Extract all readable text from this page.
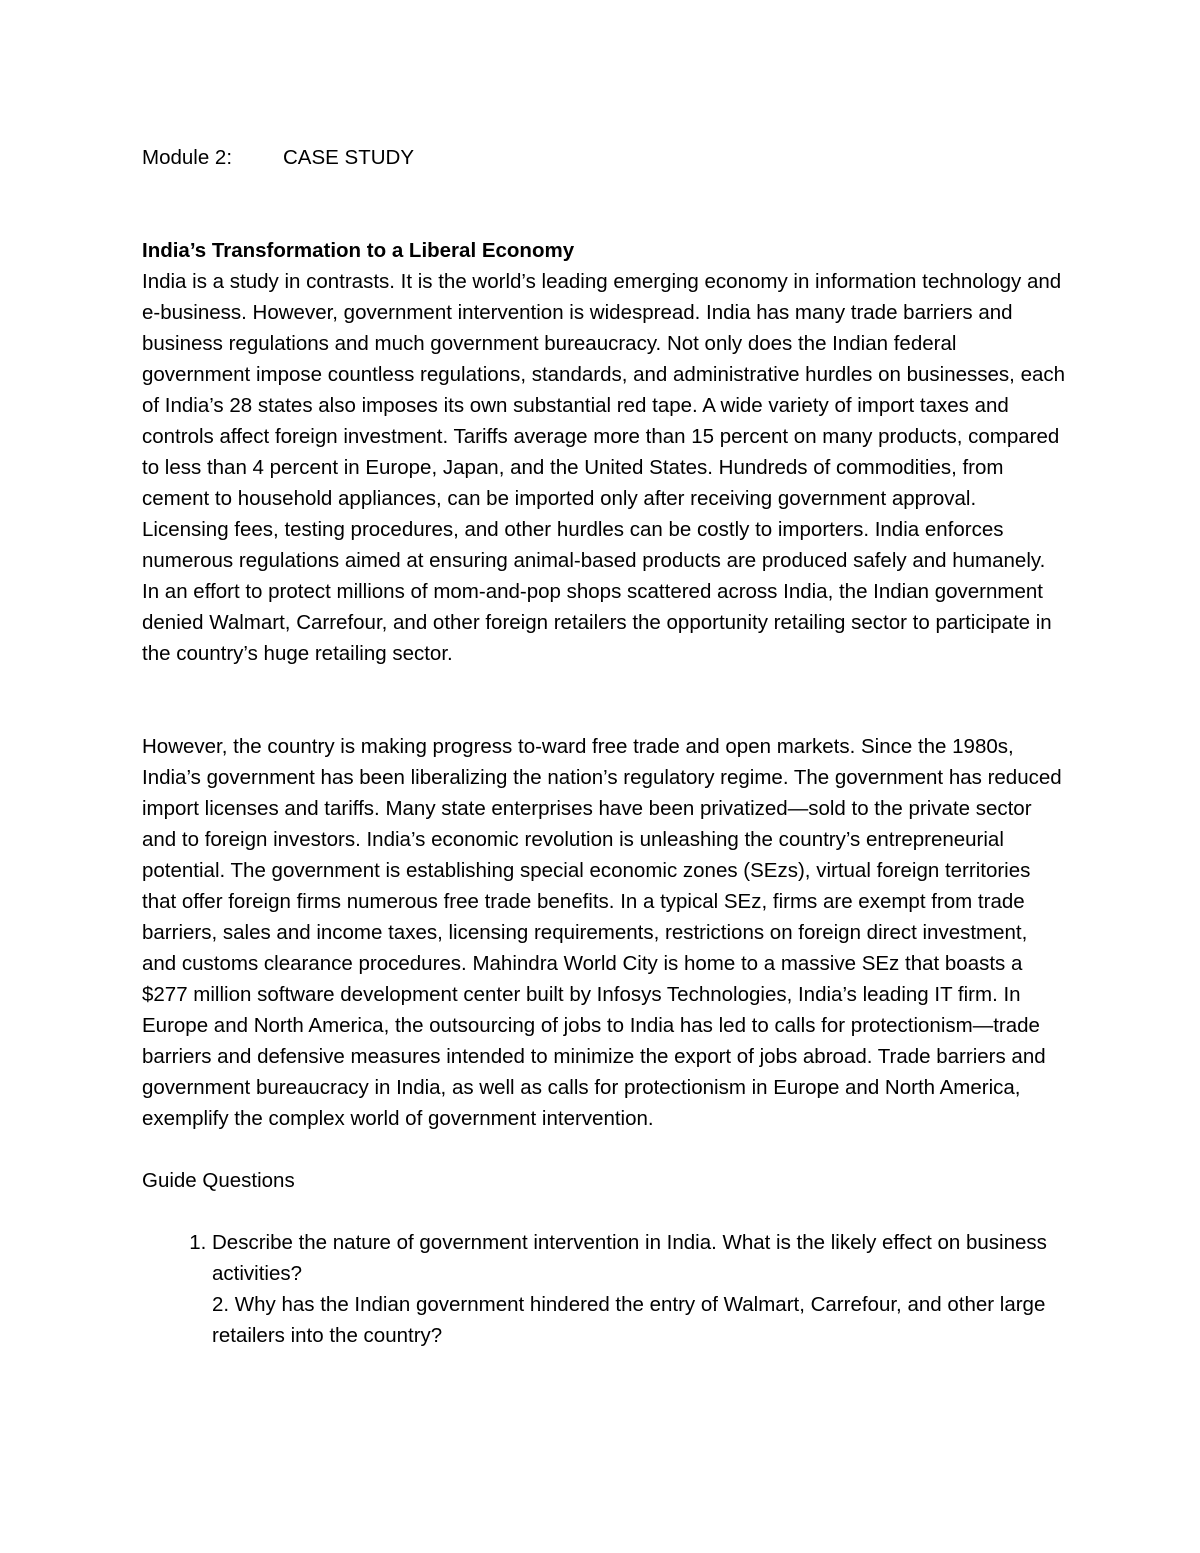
Module 2: CASE STUDY

India’s Transformation to a Liberal Economy

India is a study in contrasts. It is the world’s leading emerging economy in information technology and e-business. However, government intervention is widespread. India has many trade barriers and business regulations and much government bureaucracy. Not only does the Indian federal government impose countless regulations, standards, and administrative hurdles on businesses, each of India’s 28 states also imposes its own substantial red tape. A wide variety of import taxes and controls affect foreign investment. Tariffs average more than 15 percent on many products, compared to less than 4 percent in Europe, Japan, and the United States. Hundreds of commodities, from cement to household appliances, can be imported only after receiving government approval. Licensing fees, testing procedures, and other hurdles can be costly to importers. India enforces numerous regulations aimed at ensuring animal-based products are produced safely and humanely. In an effort to protect millions of mom-and-pop shops scattered across India, the Indian government denied Walmart, Carrefour, and other foreign retailers the opportunity retailing sector to participate in the country’s huge retailing sector.

However, the country is making progress to-ward free trade and open markets. Since the 1980s, India’s government has been liberalizing the nation’s regulatory regime. The government has reduced import licenses and tariffs. Many state enterprises have been privatized—sold to the private sector and to foreign investors. India’s economic revolution is unleashing the country’s entrepreneurial potential. The government is establishing special economic zones (SEzs), virtual foreign territories that offer foreign firms numerous free trade benefits. In a typical SEz, firms are exempt from trade barriers, sales and income taxes, licensing requirements, restrictions on foreign direct investment, and customs clearance procedures. Mahindra World City is home to a massive SEz that boasts a $277 million software development center built by Infosys Technologies, India’s leading IT firm. In Europe and North America, the outsourcing of jobs to India has led to calls for protectionism—trade barriers and defensive measures intended to minimize the export of jobs abroad. Trade barriers and government bureaucracy in India, as well as calls for protectionism in Europe and North America, exemplify the complex world of government intervention.

Guide Questions

1. Describe the nature of government intervention in India. What is the likely effect on business activities?
2. Why has the Indian government hindered the entry of Walmart, Carrefour, and other large retailers into the country?
